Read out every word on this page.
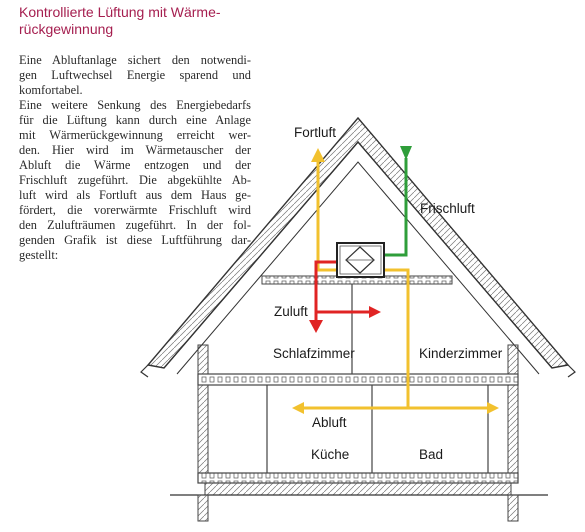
Kontrollierte Lüftung mit Wärme-
rückgewinnung
Eine Abluftanlage sichert den notwendi-
gen Luftwechsel Energie sparend und
komfortabel.
Eine weitere Senkung des Energiebedarfs
für die Lüftung kann durch eine Anlage
mit Wärmerückgewinnung erreicht wer-
den. Hier wird im Wärmetauscher der
Abluft die Wärme entzogen und der
Frischluft zugeführt. Die abgekühlte Ab-
luft wird als Fortluft aus dem Haus ge-
fördert, die vorerwärmte Frischluft wird
den Zulufträumen zugeführt. In der fol-
genden Grafik ist diese Luftführung dar-
gestellt:
Fortluft
Frischluft
Zuluft
Schlafzimmer	Kinderzimmer
Abluft
Küche	Bad
